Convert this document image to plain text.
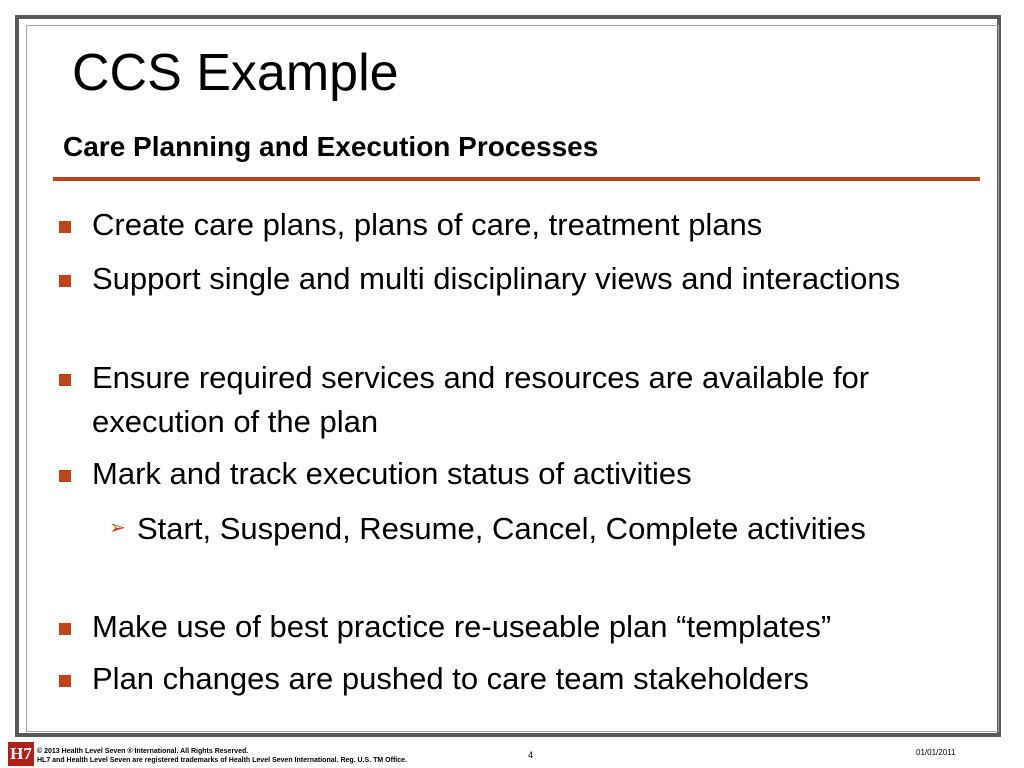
CCS Example
Care Planning and Execution Processes
Create care plans, plans of care, treatment plans
Support single and multi disciplinary views and interactions
Ensure required services and resources are available for execution of the plan
Mark and track execution status of activities
➢ Start, Suspend, Resume, Cancel, Complete activities
Make use of best practice re-useable plan “templates”
Plan changes are pushed to care team stakeholders
H7 © 2013 Health Level Seven ® International. All Rights Reserved.
HL7 and Health Level Seven are registered trademarks of Health Level Seven International. Reg. U.S. TM Office.
4	01/01/2011
